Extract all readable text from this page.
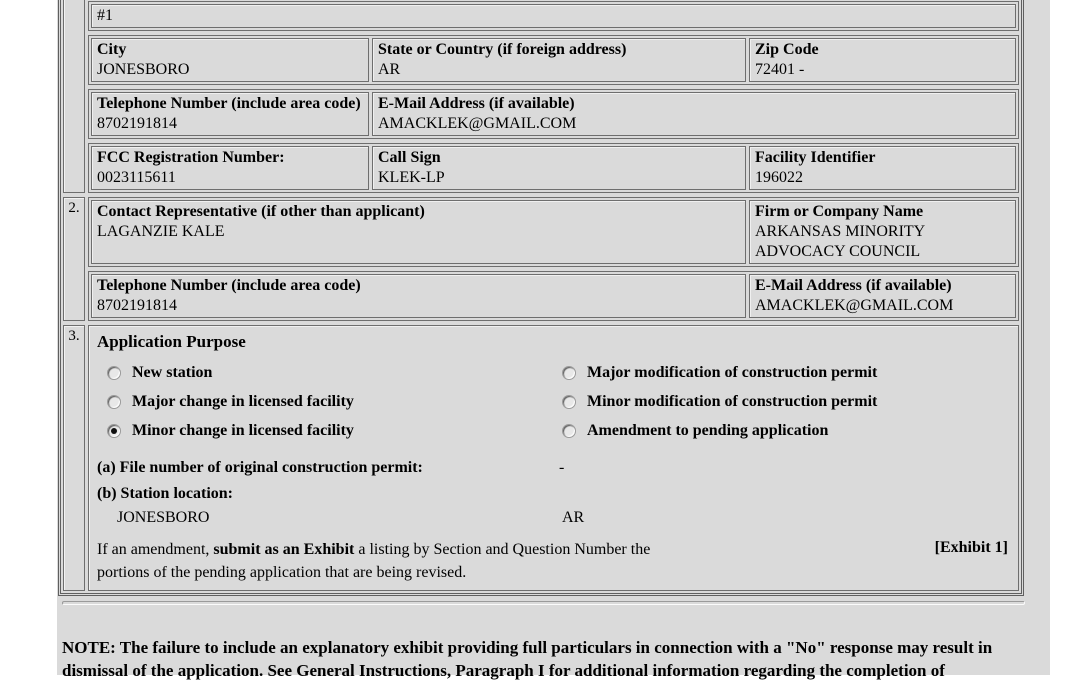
#1
City
JONESBORO
State or Country (if foreign address)
AR
Zip Code
72401 -
Telephone Number (include area code)
8702191814
E-Mail Address (if available)
AMACKLEK@GMAIL.COM
FCC Registration Number:
0023115611
Call Sign
KLEK-LP
Facility Identifier
196022
2.	Contact Representative (if other than applicant)
LAGANZIE KALE
Firm or Company Name
ARKANSAS MINORITY ADVOCACY COUNCIL
Telephone Number (include area code)
8702191814
E-Mail Address (if available)
AMACKLEK@GMAIL.COM
3.	Application Purpose
New station
Major change in licensed facility
Minor change in licensed facility
Major modification of construction permit
Minor modification of construction permit
Amendment to pending application
(a) File number of original construction permit:	-
(b) Station location:
JONESBORO	AR
If an amendment, submit as an Exhibit a listing by Section and Question Number the portions of the pending application that are being revised.
[Exhibit 1]
NOTE: The failure to include an explanatory exhibit providing full particulars in connection with a "No" response may result in dismissal of the application. See General Instructions, Paragraph I for additional information regarding the completion of
